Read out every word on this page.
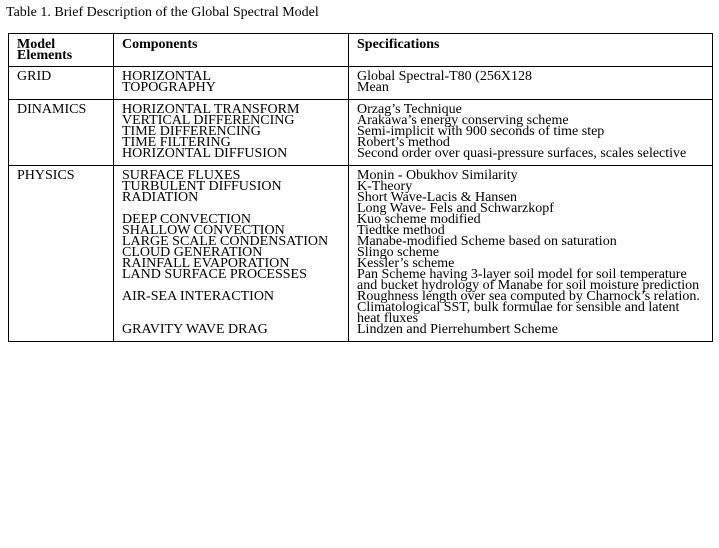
Table 1. Brief Description of the Global Spectral Model
Model Elements	Components	Specifications
GRID	HORIZONTAL	Global Spectral-T80 (256X128
	TOPOGRAPHY	Mean
DINAMICS	HORIZONTAL TRANSFORM	Orzag’s Technique
	VERTICAL DIFFERENCING	Arakawa’s energy conserving scheme
	TIME DIFFERENCING	Semi-implicit with 900 seconds of time step
	TIME FILTERING	Robert’s method
	HORIZONTAL DIFFUSION	Second order over quasi-pressure surfaces, scales selective
PHYSICS	SURFACE FLUXES	Monin - Obukhov Similarity
	TURBULENT DIFFUSION	K-Theory
	RADIATION	Short Wave-Lacis & Hansen
		Long Wave- Fels and Schwarzkopf
	DEEP CONVECTION	Kuo scheme modified
	SHALLOW CONVECTION	Tiedtke method
	LARGE SCALE CONDENSATION	Manabe-modified Scheme based on saturation
	CLOUD GENERATION	Slingo scheme
	RAINFALL EVAPORATION	Kessler’s scheme
	LAND SURFACE PROCESSES	Pan Scheme having 3-layer soil model for soil temperature and bucket hydrology of Manabe for soil moisture prediction
	AIR-SEA INTERACTION	Roughness length over sea computed by Charnock’s relation. Climatological SST, bulk formulae for sensible and latent heat fluxes
	GRAVITY WAVE DRAG	Lindzen and Pierrehumbert Scheme
